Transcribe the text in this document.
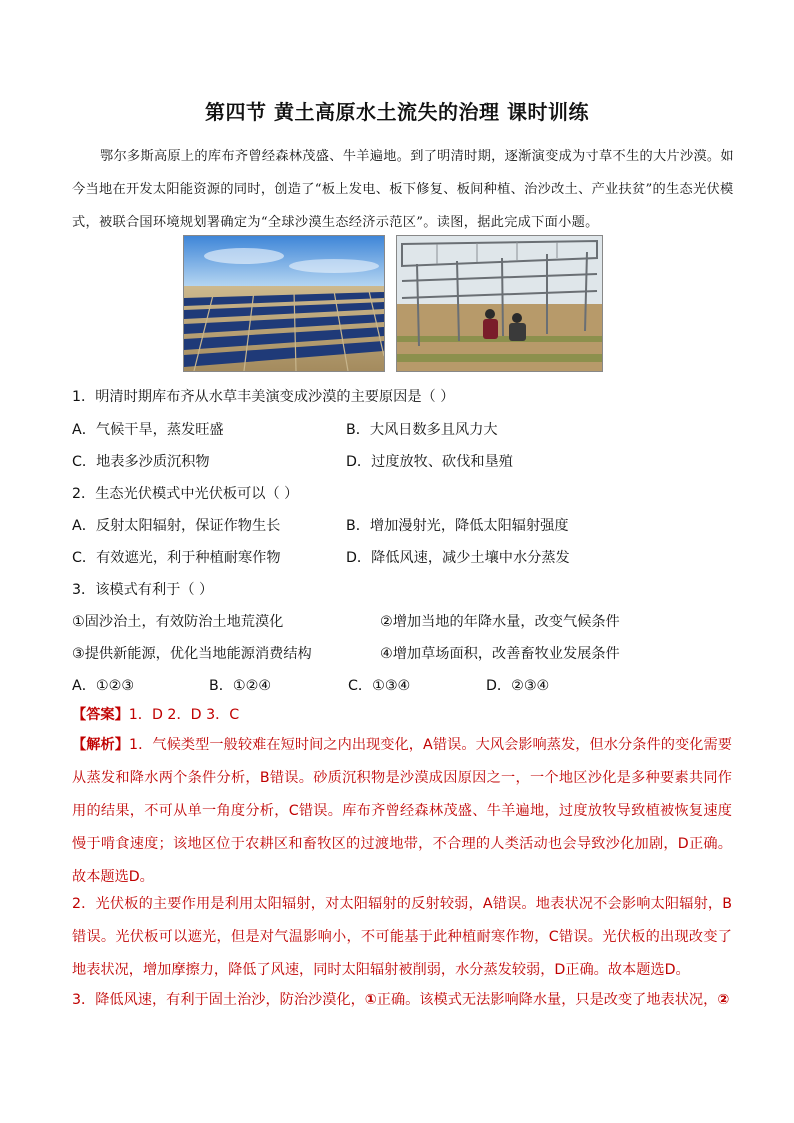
第四节 黄土高原水土流失的治理 课时训练
鄂尔多斯高原上的库布齐曾经森林茂盛、牛羊遍地。到了明清时期，逐渐演变成为寸草不生的大片沙漠。如今当地在开发太阳能资源的同时，创造了“板上发电、板下修复、板间种植、治沙改土、产业扶贫”的生态光伏模式，被联合国环境规划署确定为“全球沙漠生态经济示范区”。读图，据此完成下面小题。
1．明清时期库布齐从水草丰美演变成沙漠的主要原因是（ ）
A．气候干旱，蒸发旺盛	B．大风日数多且风力大
C．地表多沙质沉积物	D．过度放牧、砍伐和垦殖
2．生态光伏模式中光伏板可以（ ）
A．反射太阳辐射，保证作物生长	B．增加漫射光，降低太阳辐射强度
C．有效遮光，利于种植耐寒作物	D．降低风速，减少土壤中水分蒸发
3．该模式有利于（ ）
①固沙治土，有效防治土地荒漠化	②增加当地的年降水量，改变气候条件
③提供新能源，优化当地能源消费结构	④增加草场面积，改善畜牧业发展条件
A．①②③	B．①②④	C．①③④	D．②③④
【答案】1．D 2．D 3．C
【解析】1．气候类型一般较难在短时间之内出现变化，A错误。大风会影响蒸发，但水分条件的变化需要从蒸发和降水两个条件分析，B错误。砂质沉积物是沙漠成因原因之一，一个地区沙化是多种要素共同作用的结果，不可从单一角度分析，C错误。库布齐曾经森林茂盛、牛羊遍地，过度放牧导致植被恢复速度慢于啃食速度；该地区位于农耕区和畜牧区的过渡地带，不合理的人类活动也会导致沙化加剧，D正确。故本题选D。
2．光伏板的主要作用是利用太阳辐射，对太阳辐射的反射较弱，A错误。地表状况不会影响太阳辐射，B错误。光伏板可以遮光，但是对气温影响小，不可能基于此种植耐寒作物，C错误。光伏板的出现改变了地表状况，增加摩擦力，降低了风速，同时太阳辐射被削弱，水分蒸发较弱，D正确。故本题选D。
3．降低风速，有利于固土治沙，防治沙漠化，①正确。该模式无法影响降水量，只是改变了地表状况，②
